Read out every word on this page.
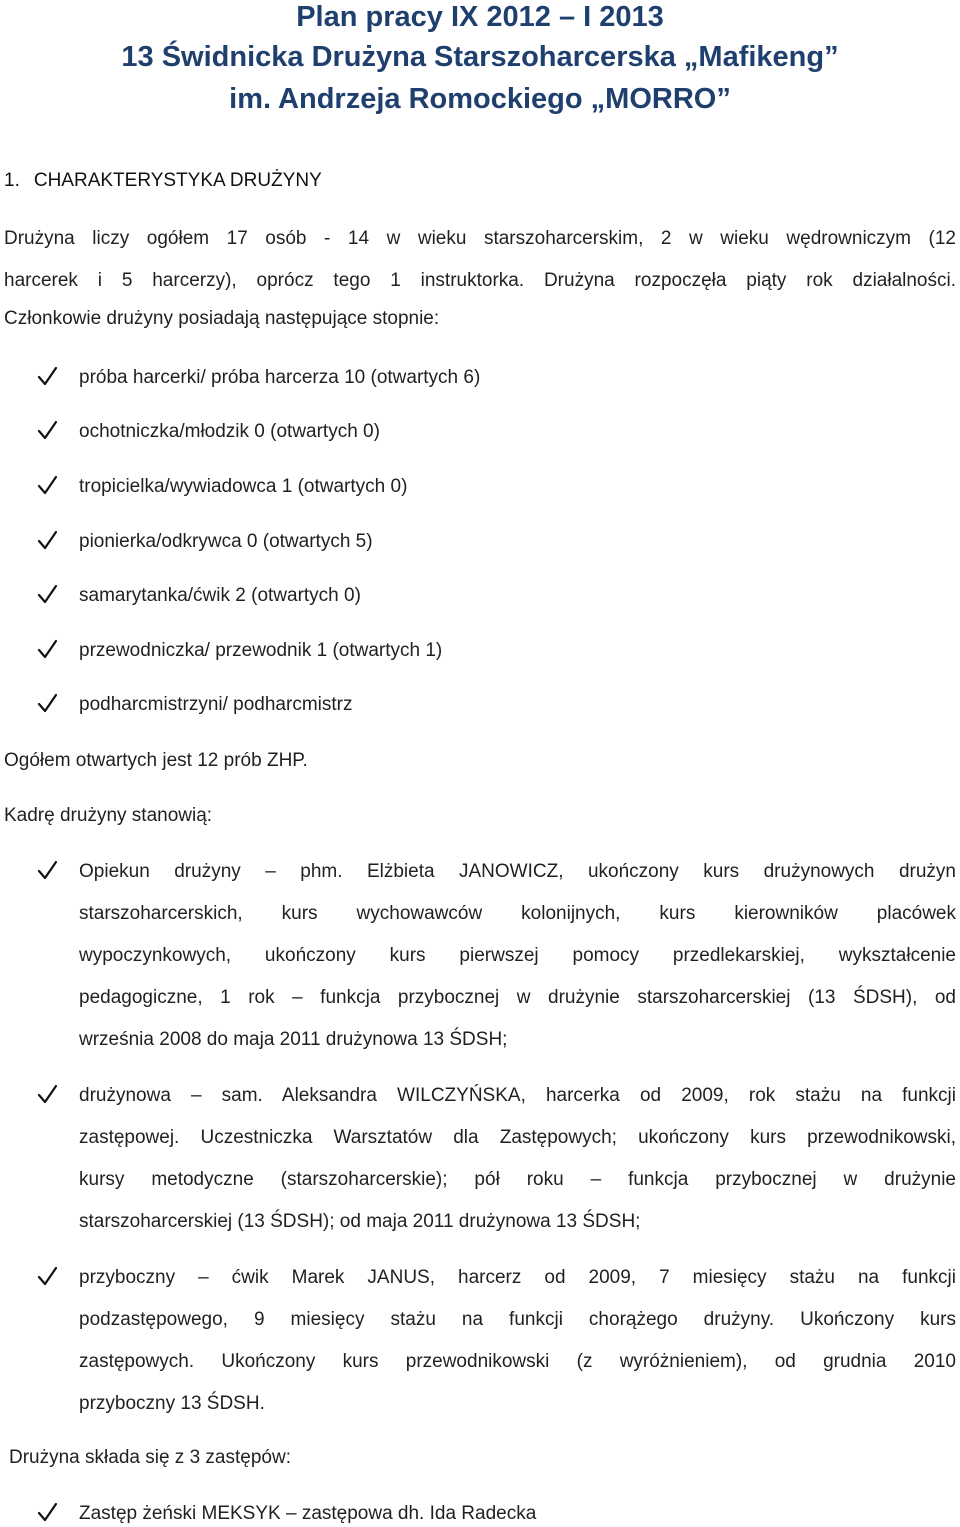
Plan pracy IX 2012 – I 2013
13 Świdnicka Drużyna Starszoharcerska „Mafikeng”
im. Andrzeja Romockiego „MORRO”
1. CHARAKTERYSTYKA DRUŻYNY
Drużyna liczy ogółem 17 osób - 14 w wieku starszoharcerskim, 2 w wieku wędrowniczym (12
harcerek i 5 harcerzy), oprócz tego 1 instruktorka. Drużyna rozpoczęła piąty rok działalności.
Członkowie drużyny posiadają następujące stopnie:
próba harcerki/ próba harcerza 10 (otwartych 6)
ochotniczka/młodzik 0 (otwartych 0)
tropicielka/wywiadowca 1 (otwartych 0)
pionierka/odkrywca 0 (otwartych 5)
samarytanka/ćwik 2 (otwartych 0)
przewodniczka/ przewodnik 1 (otwartych 1)
podharcmistrzyni/ podharcmistrz
Ogółem otwartych jest 12 prób ZHP.
Kadrę drużyny stanowią:
Opiekun drużyny – phm. Elżbieta JANOWICZ, ukończony kurs drużynowych drużyn
starszoharcerskich, kurs wychowawców kolonijnych, kurs kierowników placówek
wypoczynkowych, ukończony kurs pierwszej pomocy przedlekarskiej, wykształcenie
pedagogiczne, 1 rok – funkcja przybocznej w drużynie starszoharcerskiej (13 ŚDSH), od
września 2008 do maja 2011 drużynowa 13 ŚDSH;
drużynowa – sam. Aleksandra WILCZYŃSKA, harcerka od 2009, rok stażu na funkcji
zastępowej. Uczestniczka Warsztatów dla Zastępowych; ukończony kurs przewodnikowski,
kursy metodyczne (starszoharcerskie); pół roku – funkcja przybocznej w drużynie
starszoharcerskiej (13 ŚDSH); od maja 2011 drużynowa 13 ŚDSH;
przyboczny – ćwik Marek JANUS, harcerz od 2009, 7 miesięcy stażu na funkcji
podzastępowego, 9 miesięcy stażu na funkcji chorążego drużyny. Ukończony kurs
zastępowych. Ukończony kurs przewodnikowski (z wyróżnieniem), od grudnia 2010
przyboczny 13 ŚDSH.
Drużyna składa się z 3 zastępów:
Zastęp żeński MEKSYK – zastępowa dh. Ida Radecka
